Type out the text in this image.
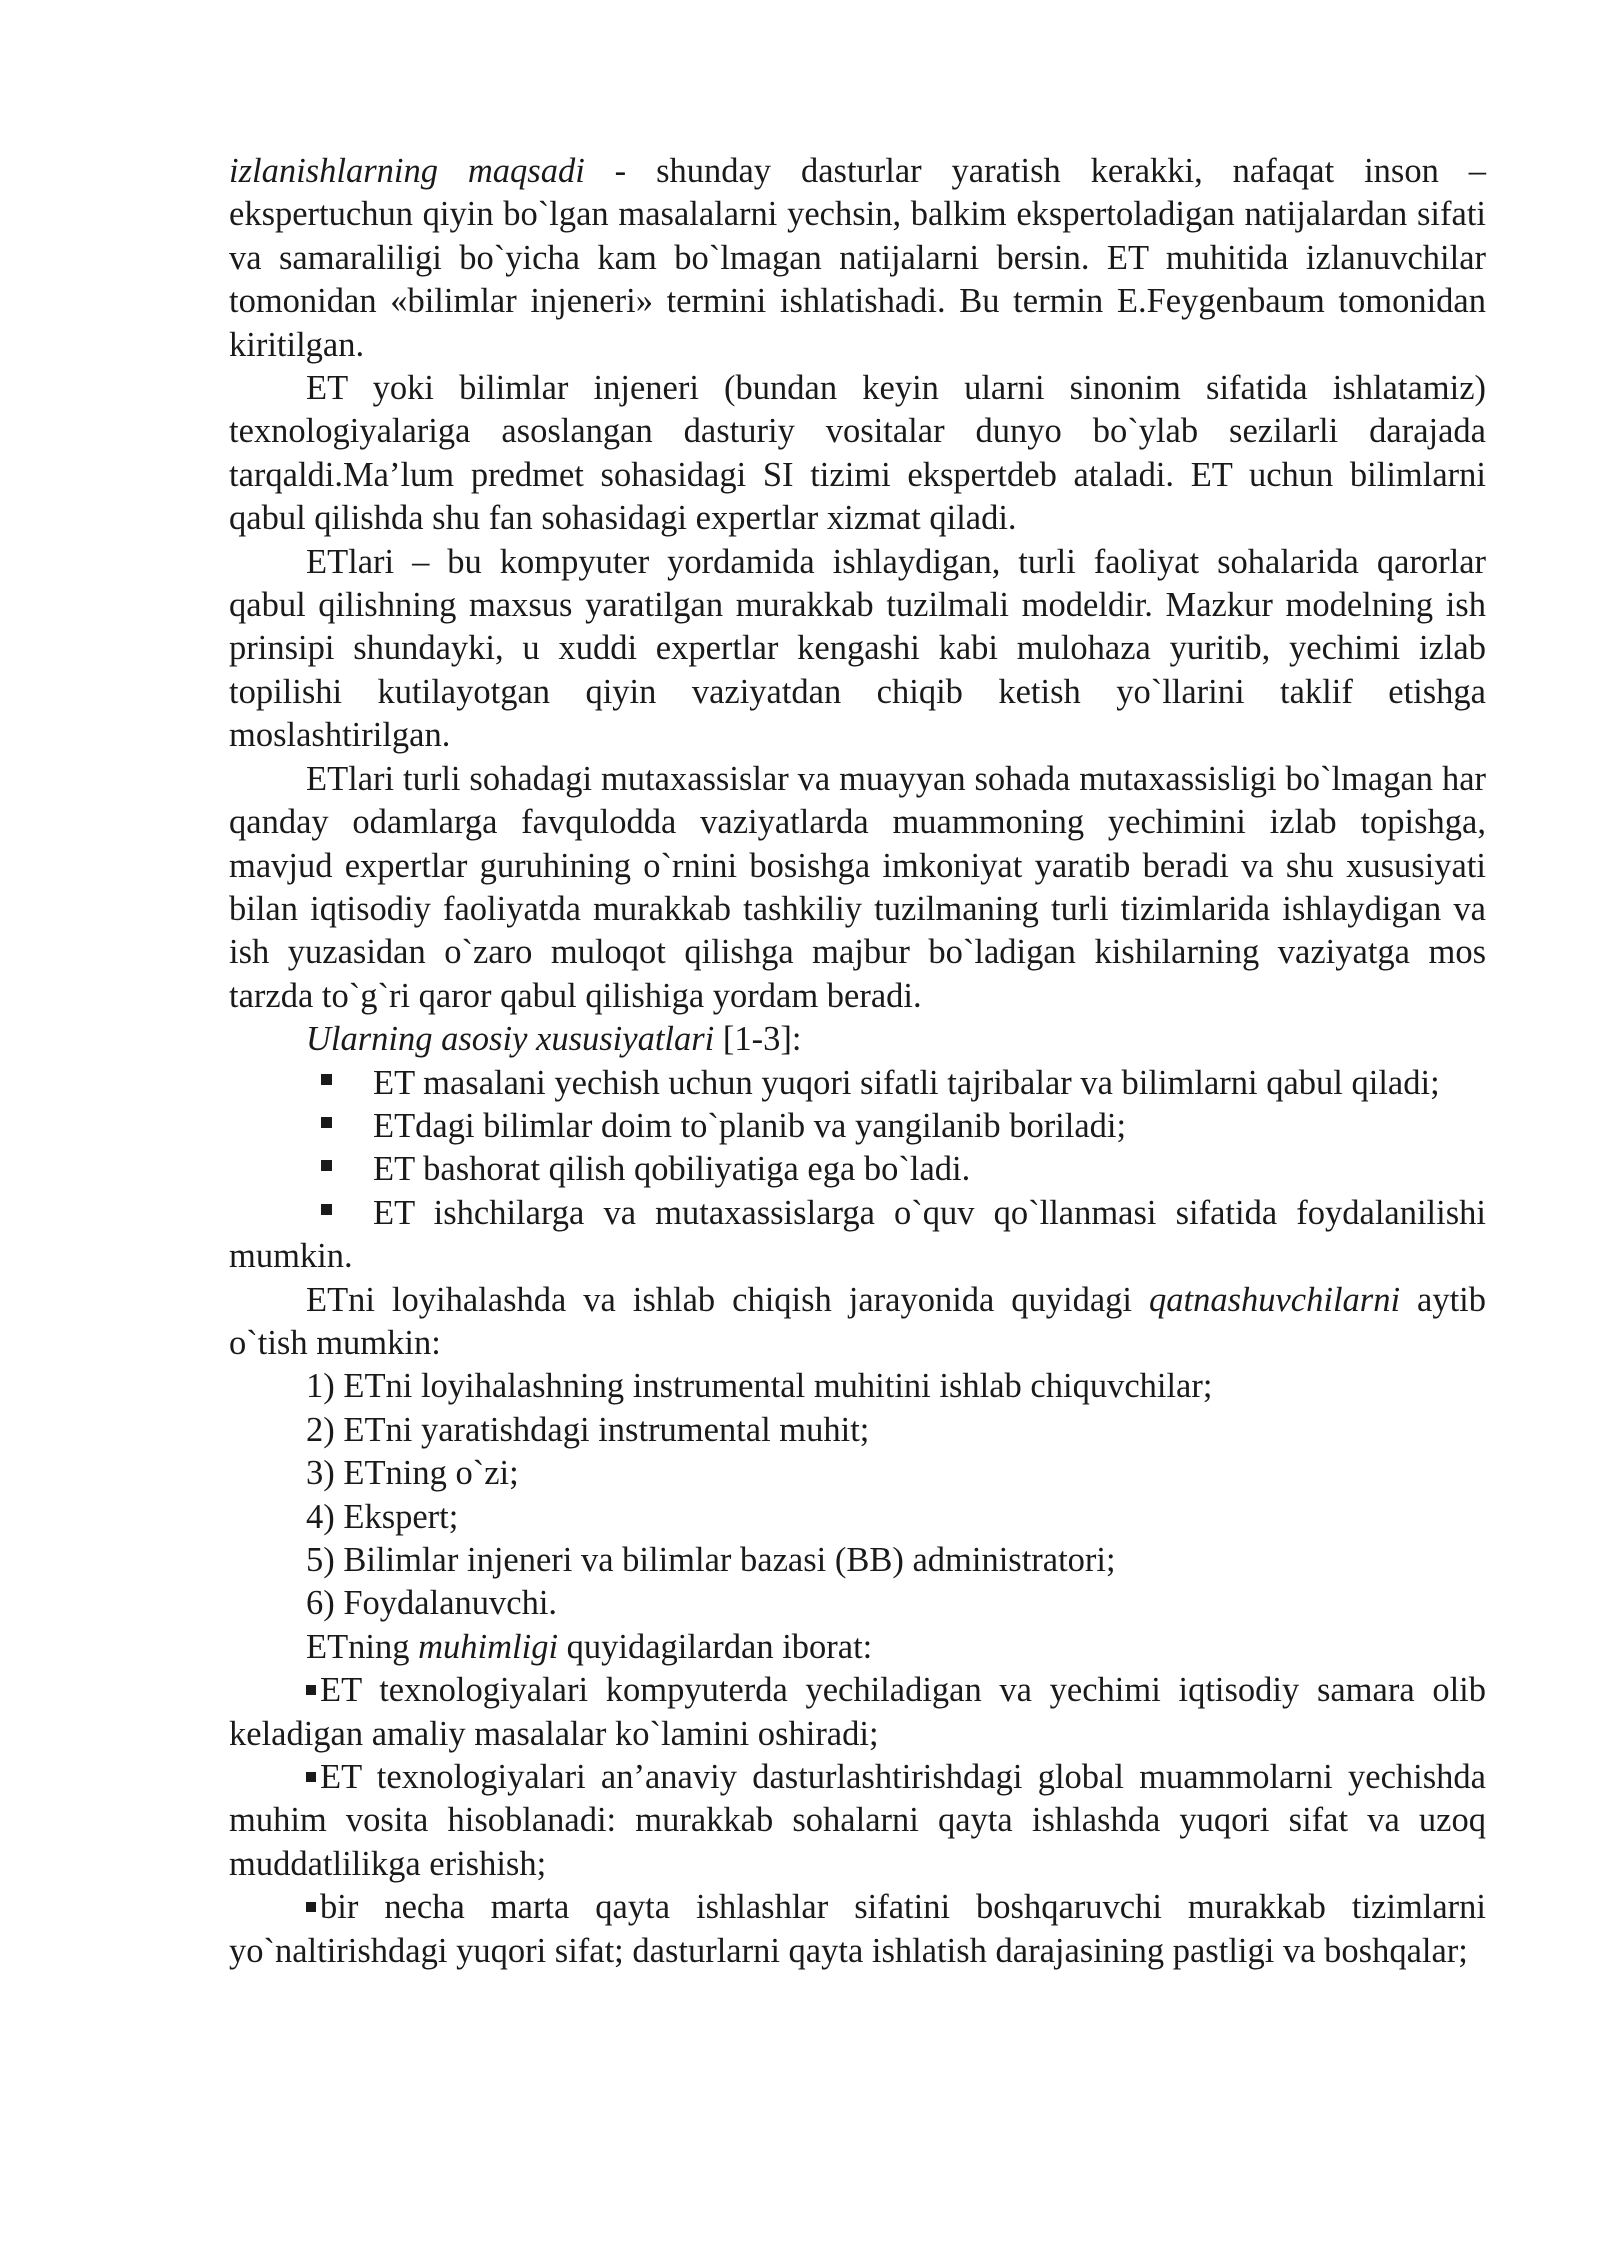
izlanishlarning maqsadi - shunday dasturlar yaratish kerakki, nafaqat inson – ekspertuchun qiyin bo`lgan masalalarni yechsin, balkim ekspertoladigan natijalardan sifati va samaraliligi bo`yicha kam bo`lmagan natijalarni bersin. ET muhitida izlanuvchilar tomonidan «bilimlar injeneri» termini ishlatishadi. Bu termin E.Feygenbaum tomonidan kiritilgan.

ET yoki bilimlar injeneri (bundan keyin ularni sinonim sifatida ishlatamiz) texnologiyalariga asoslangan dasturiy vositalar dunyo bo`ylab sezilarli darajada tarqaldi.Ma’lum predmet sohasidagi SI tizimi ekspertdeb ataladi. ET uchun bilimlarni qabul qilishda shu fan sohasidagi expertlar xizmat qiladi.

ETlari – bu kompyuter yordamida ishlaydigan, turli faoliyat sohalarida qarorlar qabul qilishning maxsus yaratilgan murakkab tuzilmali modeldir. Mazkur modelning ish prinsipi shundayki, u xuddi expertlar kengashi kabi mulohaza yuritib, yechimi izlab topilishi kutilayotgan qiyin vaziyatdan chiqib ketish yo`llarini taklif etishga moslashtirilgan.

ETlari turli sohadagi mutaxassislar va muayyan sohada mutaxassisligi bo`lmagan har qanday odamlarga favqulodda vaziyatlarda muammoning yechimini izlab topishga, mavjud expertlar guruhining o`rnini bosishga imkoniyat yaratib beradi va shu xususiyati bilan iqtisodiy faoliyatda murakkab tashkiliy tuzilmaning turli tizimlarida ishlaydigan va ish yuzasidan o`zaro muloqot qilishga majbur bo`ladigan kishilarning vaziyatga mos tarzda to`g`ri qaror qabul qilishiga yordam beradi.

Ularning asosiy xususiyatlari [1-3]:

ET masalani yechish uchun yuqori sifatli tajribalar va bilimlarni qabul qiladi;

ETdagi bilimlar doim to`planib va yangilanib boriladi;

ET bashorat qilish qobiliyatiga ega bo`ladi.

ET ishchilarga va mutaxassislarga o`quv qo`llanmasi sifatida foydalanilishi mumkin.

ETni loyihalashda va ishlab chiqish jarayonida quyidagi qatnashuvchilarni aytib o`tish mumkin:

1) ETni loyihalashning instrumental muhitini ishlab chiquvchilar;

2) ETni yaratishdagi instrumental muhit;

3) ETning o`zi;

4) Ekspert;

5) Bilimlar injeneri va bilimlar bazasi (BB) administratori;

6) Foydalanuvchi.

ETning muhimligi quyidagilardan iborat:

ET texnologiyalari kompyuterda yechiladigan va yechimi iqtisodiy samara olib keladigan amaliy masalalar ko`lamini oshiradi;

ET texnologiyalari an’anaviy dasturlashtirishdagi global muammolarni yechishda muhim vosita hisoblanadi: murakkab sohalarni qayta ishlashda yuqori sifat va uzoq muddatlilikga erishish;

bir necha marta qayta ishlashlar sifatini boshqaruvchi murakkab tizimlarni yo`naltirishdagi yuqori sifat; dasturlarni qayta ishlatish darajasining pastligi va boshqalar;
